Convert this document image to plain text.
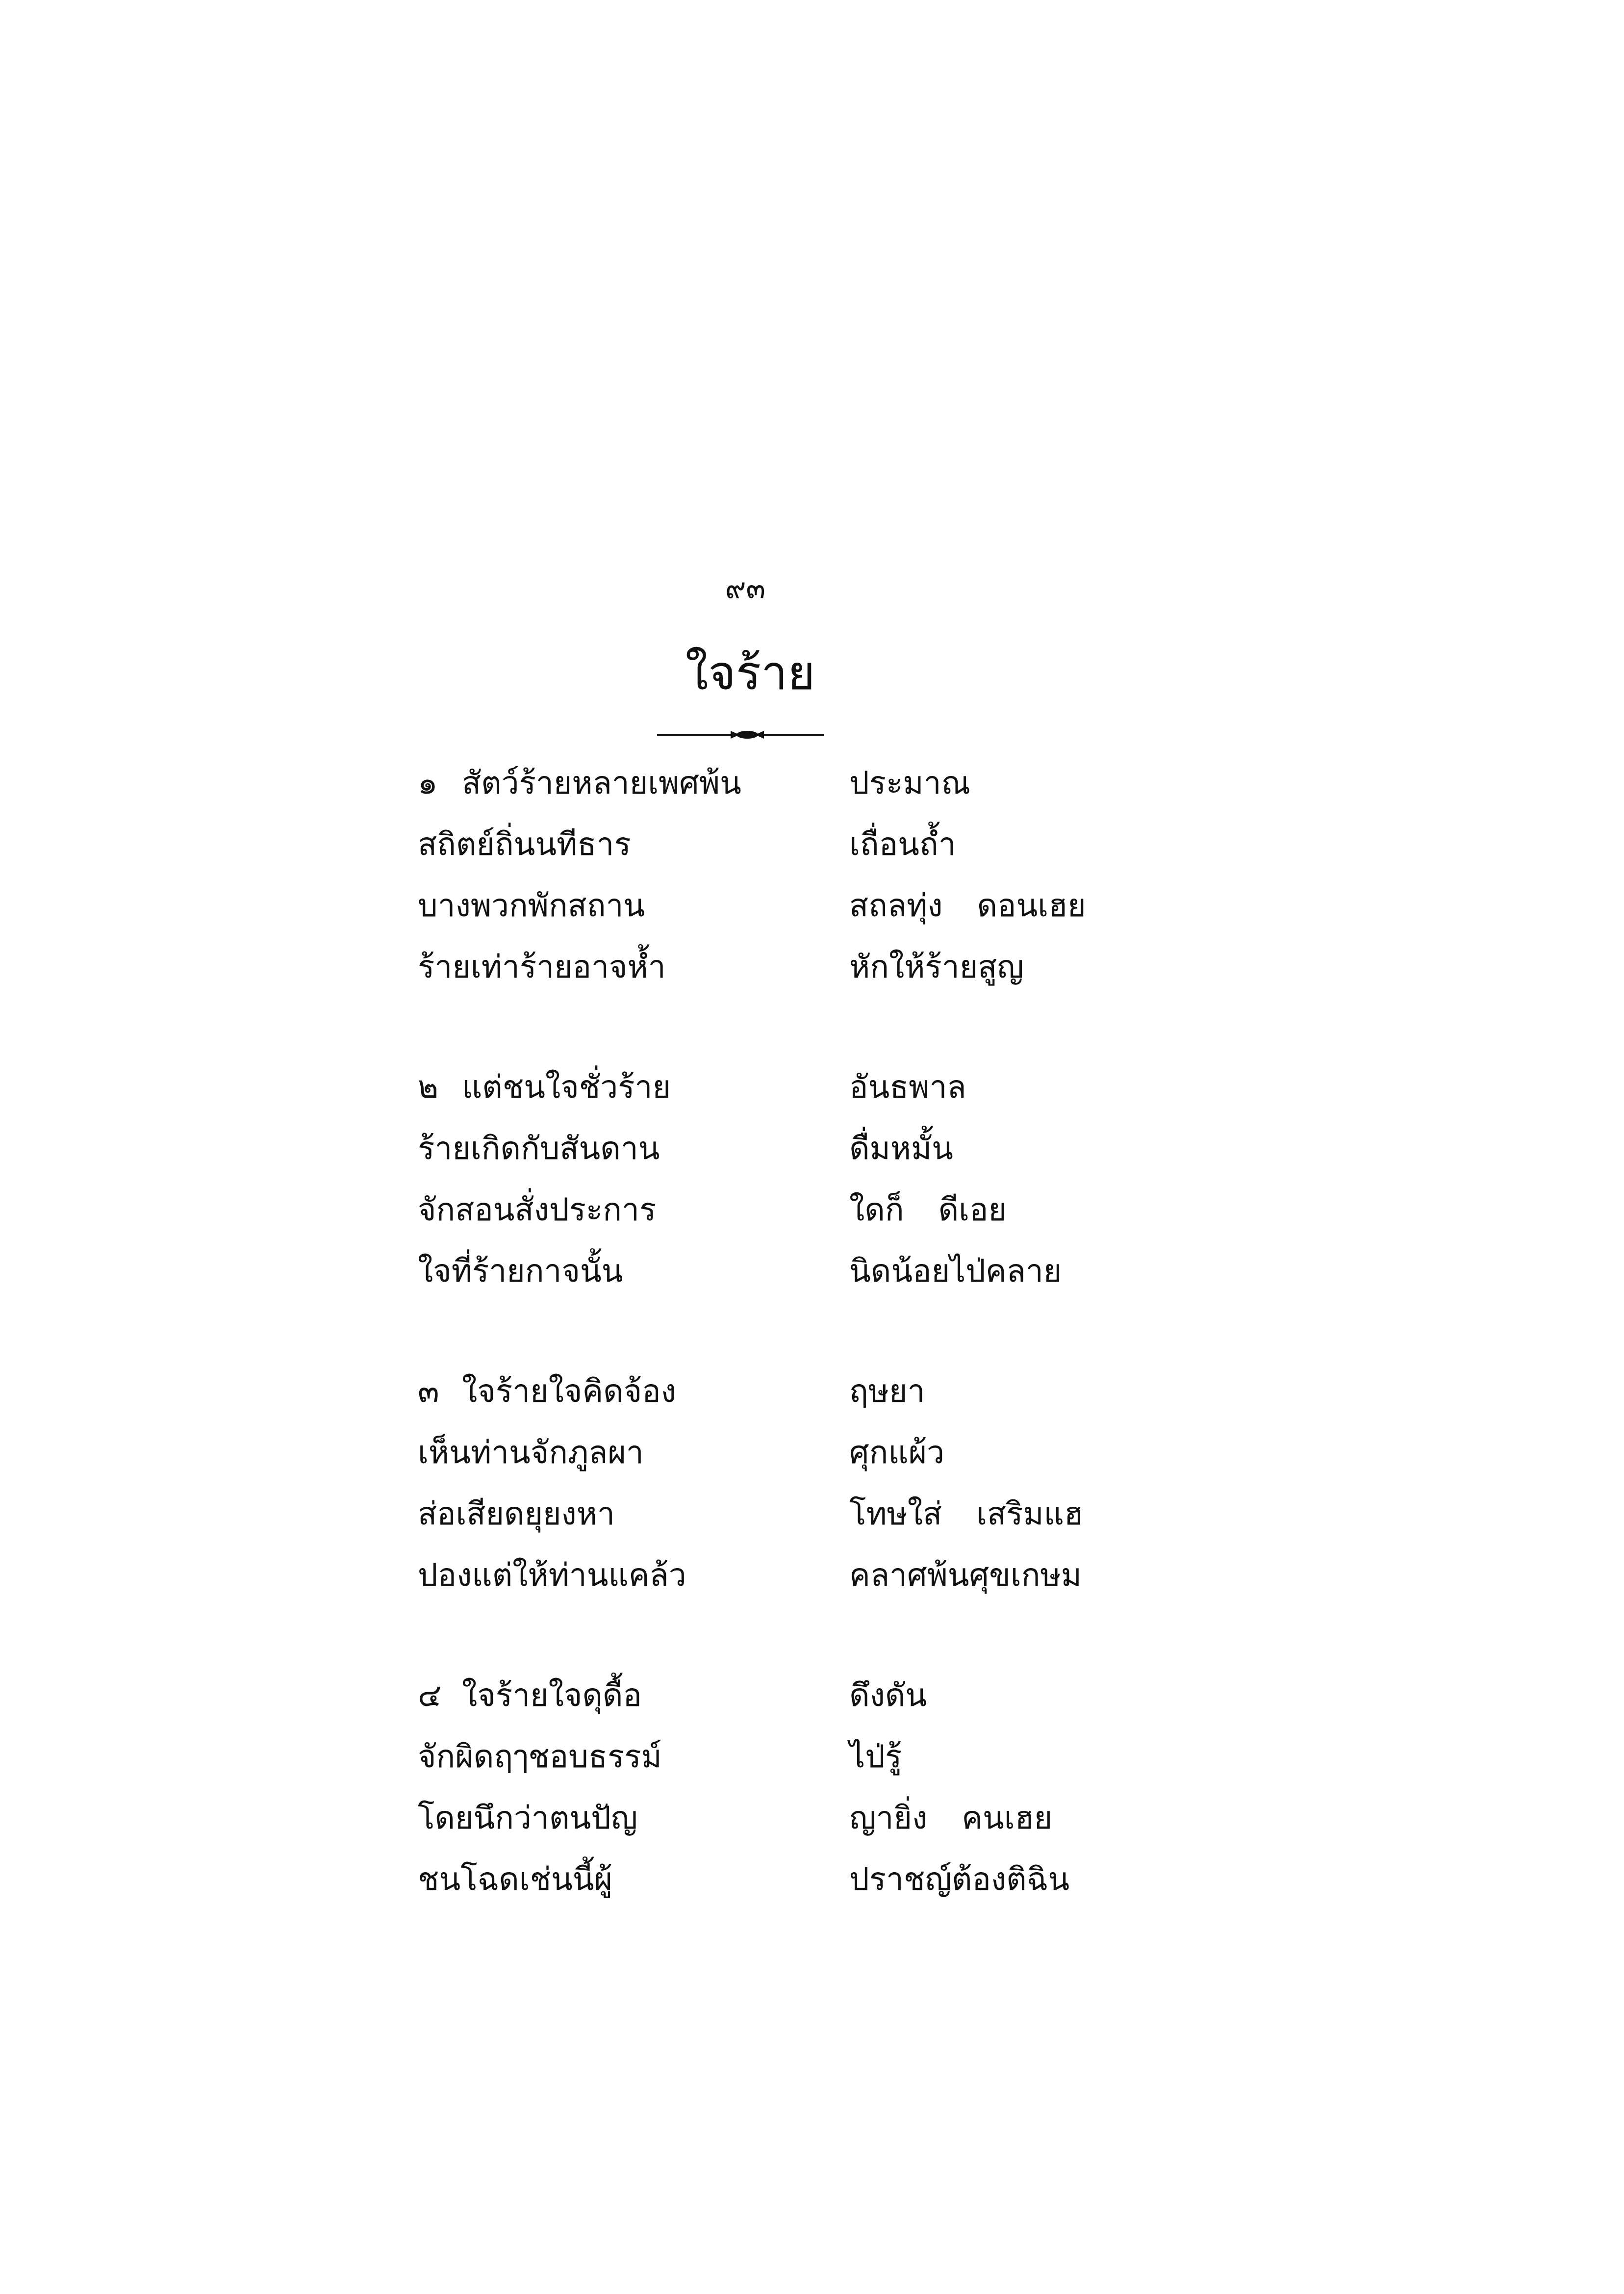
๙๓
ใจร้าย
๑ สัตว์ร้ายหลายเพศพ้น	ประมาณ
สถิตย์ถิ่นนทีธาร	เถื่อนถ้ำ
บางพวกพักสถาน	สถลทุ่ง ดอนเฮย
ร้ายเท่าร้ายอาจห้ำ	หักให้ร้ายสูญ
๒ แต่ชนใจชั่วร้าย	อันธพาล
ร้ายเกิดกับสันดาน	ดื่มหมั้น
จักสอนสั่งประการ	ใดก็ ดีเอย
ใจที่ร้ายกาจนั้น	นิดน้อยไป่คลาย
๓ ใจร้ายใจคิดจ้อง	ฤษยา
เห็นท่านจักภูลผา	ศุกแผ้ว
ส่อเสียดยุยงหา	โทษใส่ เสริมแฮ
ปองแต่ให้ท่านแคล้ว	คลาศพ้นศุขเกษม
๔ ใจร้ายใจดุดื้อ	ดึงดัน
จักผิดฤๅชอบธรรม์	ไป่รู้
โดยนึกว่าตนปัญ	ญายิ่ง คนเฮย
ชนโฉดเช่นนี้ผู้	ปราชญ์ต้องติฉิน
